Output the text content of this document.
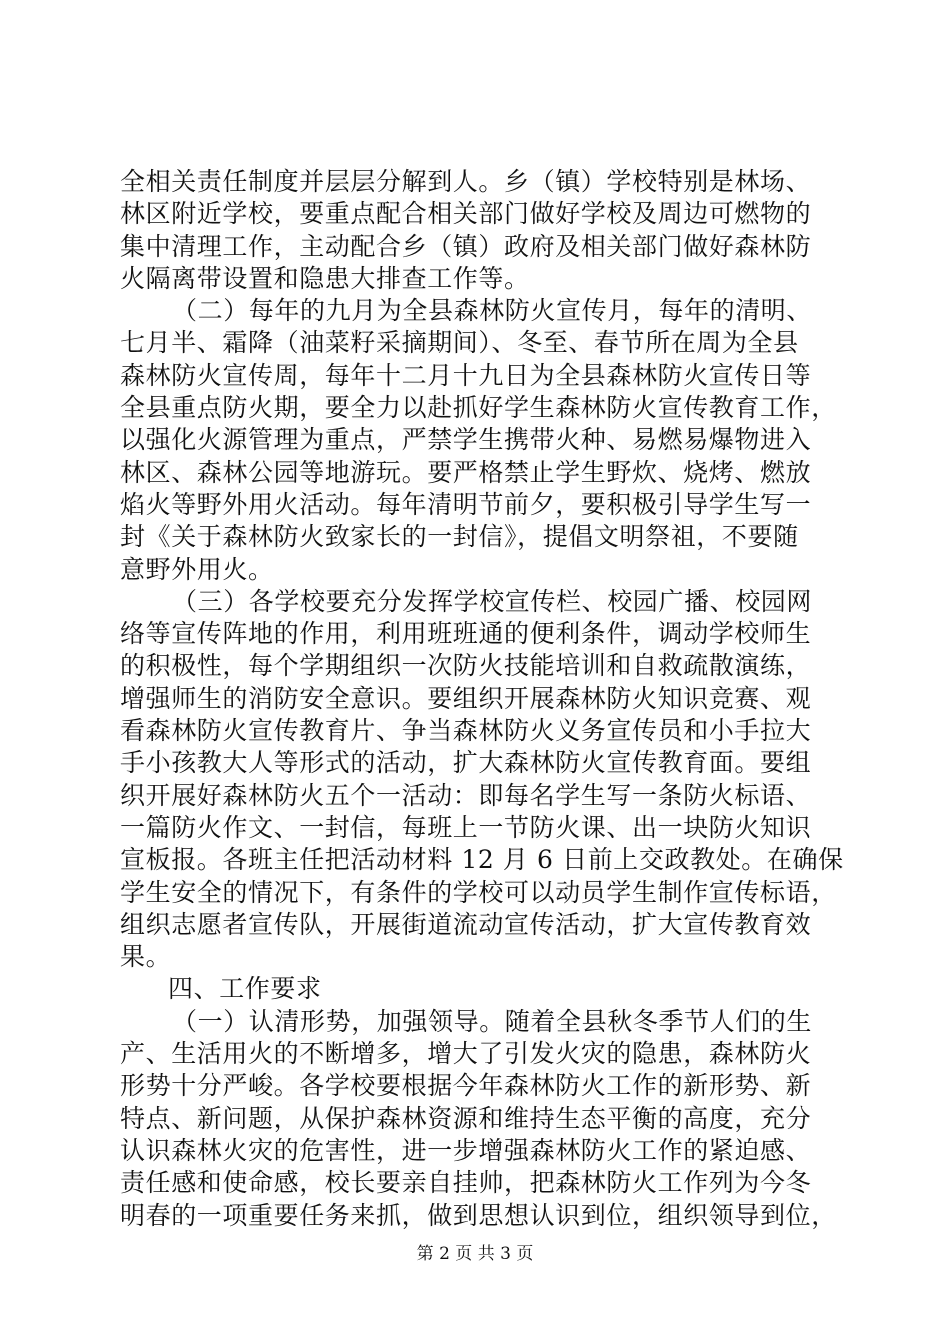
全相关责任制度并层层分解到人。乡（镇）学校特别是林场、
林区附近学校，要重点配合相关部门做好学校及周边可燃物的
集中清理工作，主动配合乡（镇）政府及相关部门做好森林防
火隔离带设置和隐患大排查工作等。
（二）每年的九月为全县森林防火宣传月，每年的清明、
七月半、霜降（油菜籽采摘期间）、冬至、春节所在周为全县
森林防火宣传周，每年十二月十九日为全县森林防火宣传日等
全县重点防火期，要全力以赴抓好学生森林防火宣传教育工作，
以强化火源管理为重点，严禁学生携带火种、易燃易爆物进入
林区、森林公园等地游玩。要严格禁止学生野炊、烧烤、燃放
焰火等野外用火活动。每年清明节前夕，要积极引导学生写一
封《关于森林防火致家长的一封信》，提倡文明祭祖，不要随
意野外用火。
（三）各学校要充分发挥学校宣传栏、校园广播、校园网
络等宣传阵地的作用，利用班班通的便利条件，调动学校师生
的积极性，每个学期组织一次防火技能培训和自救疏散演练，
增强师生的消防安全意识。要组织开展森林防火知识竞赛、观
看森林防火宣传教育片、争当森林防火义务宣传员和小手拉大
手小孩教大人等形式的活动，扩大森林防火宣传教育面。要组
织开展好森林防火五个一活动：即每名学生写一条防火标语、
一篇防火作文、一封信，每班上一节防火课、出一块防火知识
宣板报。各班主任把活动材料 12 月 6 日前上交政教处。在确保
学生安全的情况下，有条件的学校可以动员学生制作宣传标语，
组织志愿者宣传队，开展街道流动宣传活动，扩大宣传教育效
果。
四、工作要求
（一）认清形势，加强领导。随着全县秋冬季节人们的生
产、生活用火的不断增多，增大了引发火灾的隐患，森林防火
形势十分严峻。各学校要根据今年森林防火工作的新形势、新
特点、新问题，从保护森林资源和维持生态平衡的高度，充分
认识森林火灾的危害性，进一步增强森林防火工作的紧迫感、
责任感和使命感，校长要亲自挂帅，把森林防火工作列为今冬
明春的一项重要任务来抓，做到思想认识到位，组织领导到位，
第 2 页 共 3 页
